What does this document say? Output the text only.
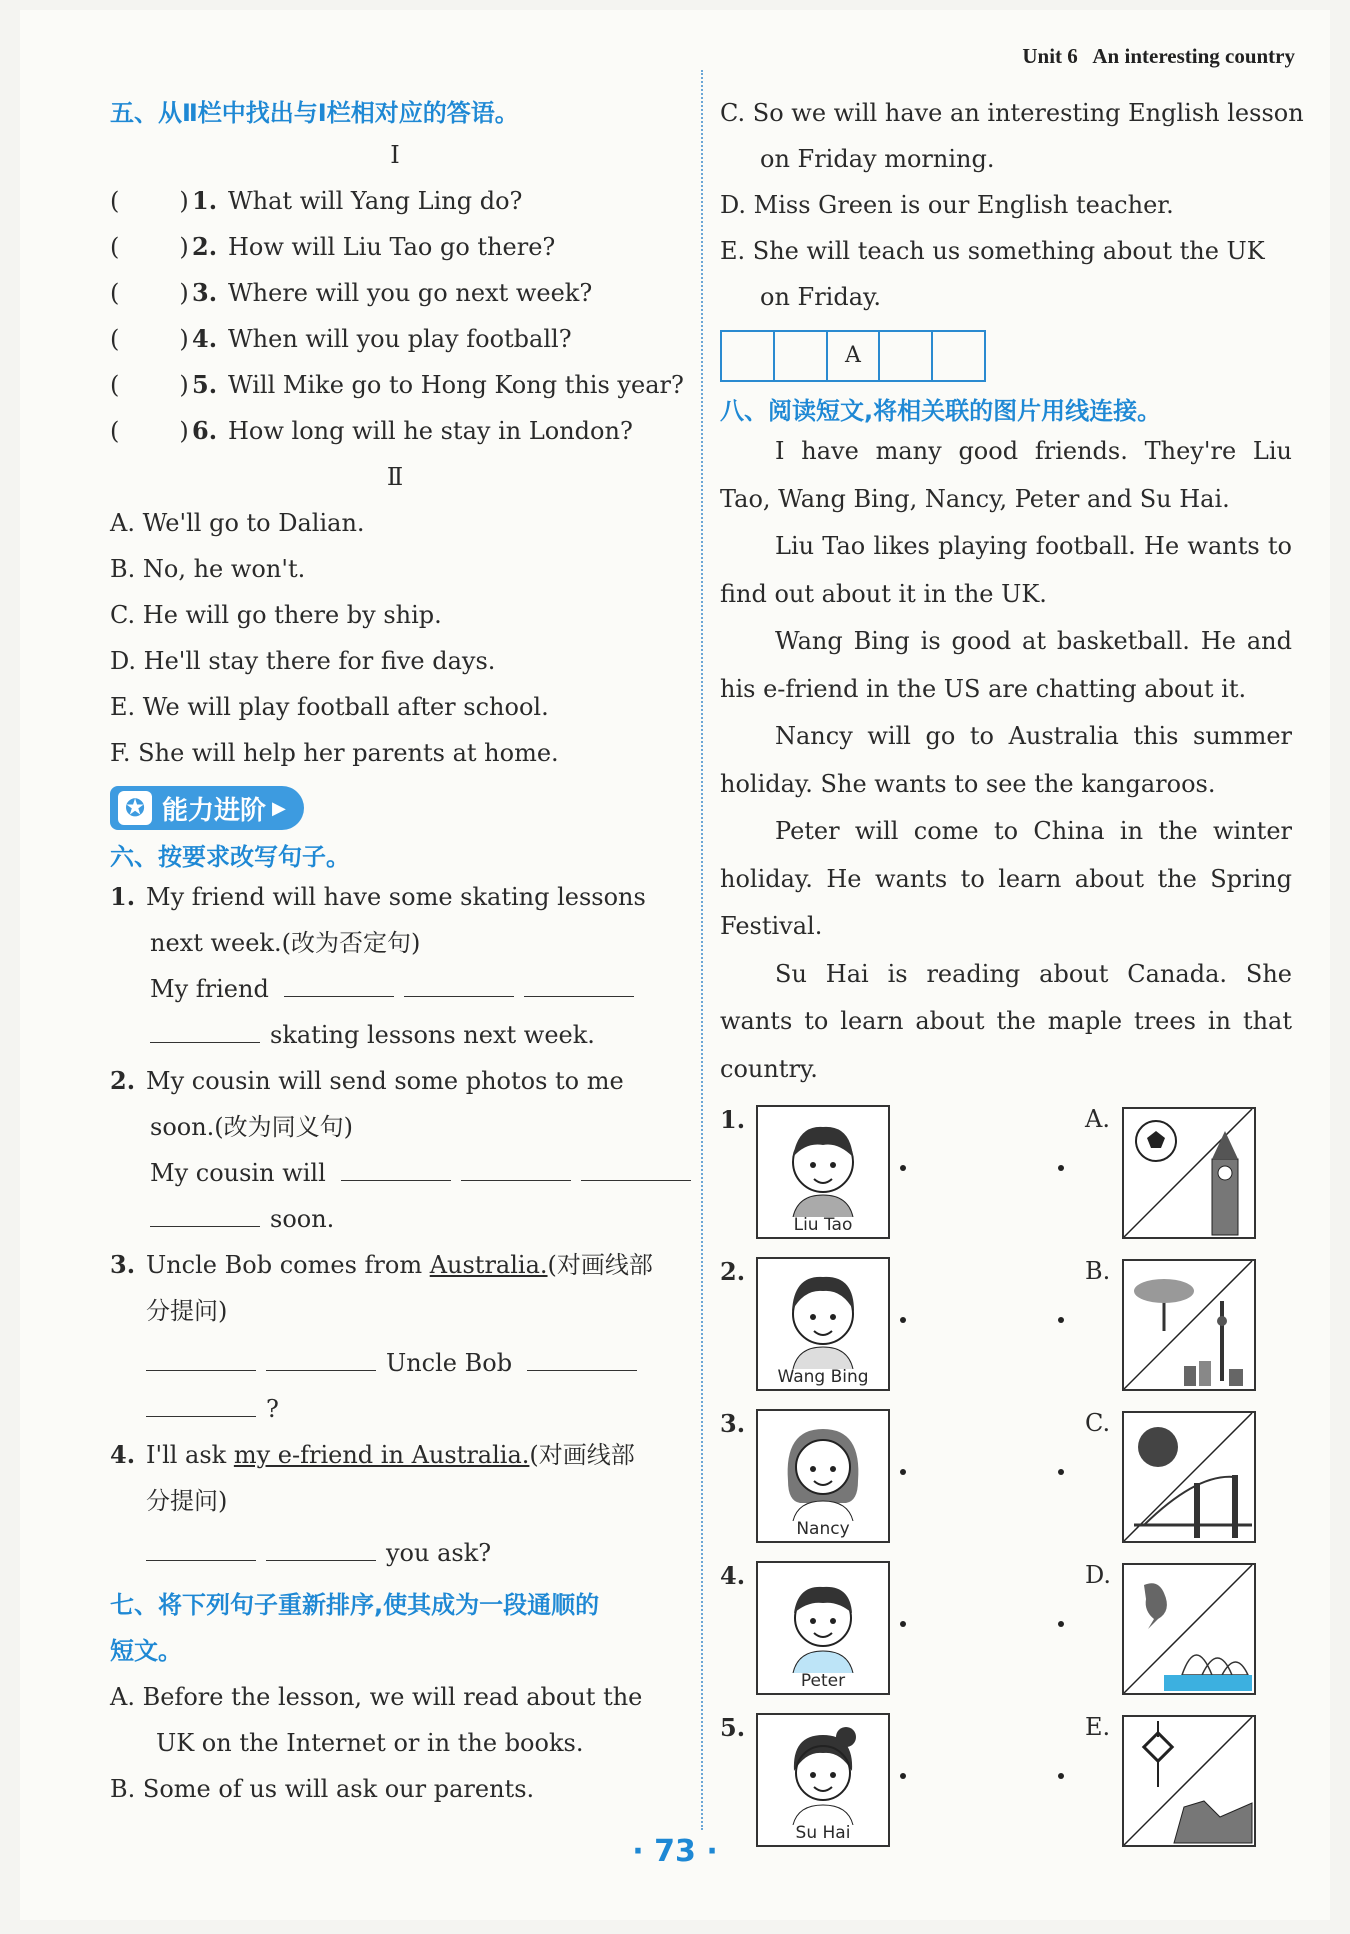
Unit 6 An interesting country
五、从Ⅱ栏中找出与Ⅰ栏相对应的答语。
Ⅰ
(	) 1. What will Yang Ling do?
(	) 2. How will Liu Tao go there?
(	) 3. Where will you go next week?
(	) 4. When will you play football?
(	) 5. Will Mike go to Hong Kong this year?
(	) 6. How long will he stay in London?
Ⅱ
A. We'll go to Dalian.
B. No, he won't.
C. He will go there by ship.
D. He'll stay there for five days.
E. We will play football after school.
F. She will help her parents at home.
✪ 能力进阶 ▶
六、按要求改写句子。
1. My friend will have some skating lessons
next week.(改为否定句)
My friend
skating lessons next week.
2. My cousin will send some photos to me
soon.(改为同义句)
My cousin will
soon.
3. Uncle Bob comes from Australia.(对画线部
分提问)
Uncle Bob
?
4. I'll ask my e-friend in Australia.(对画线部
分提问)
you ask?
七、将下列句子重新排序,使其成为一段通顺的
短文。
A. Before the lesson, we will read about the
UK on the Internet or in the books.
B. Some of us will ask our parents.
C. So we will have an interesting English lesson
on Friday morning.
D. Miss Green is our English teacher.
E. She will teach us something about the UK
on Friday.
A
八、阅读短文,将相关联的图片用线连接。
I have many good friends. They're Liu Tao, Wang Bing, Nancy, Peter and Su Hai.
Liu Tao likes playing football. He wants to find out about it in the UK.
Wang Bing is good at basketball. He and his e-friend in the US are chatting about it.
Nancy will go to Australia this summer holiday. She wants to see the kangaroos.
Peter will come to China in the winter holiday. He wants to learn about the Spring Festival.
Su Hai is reading about Canada. She wants to learn about the maple trees in that country.
1.
Liu Tao
A.
2.
Wang Bing
B.
3.
Nancy
C.
4.
Peter
D.
5.
Su Hai
E.
· 73 ·
